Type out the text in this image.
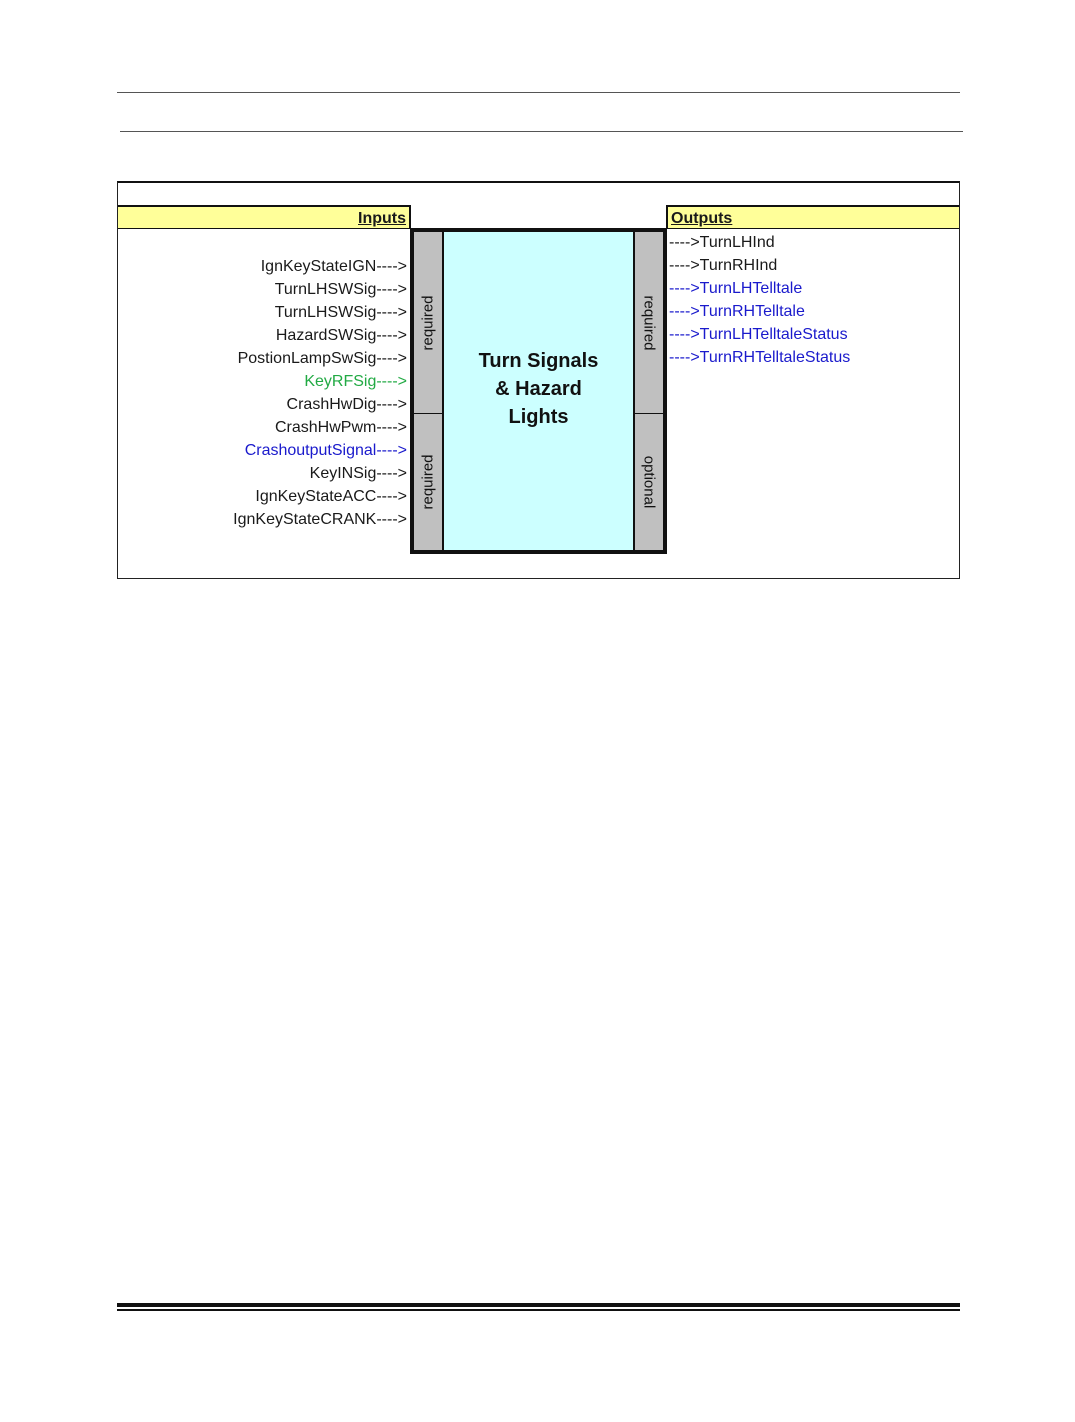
Inputs	Outputs
IgnKeyStateIGN---->
TurnLHSWSig---->
TurnLHSWSig---->
HazardSWSig---->
PostionLampSwSig---->
KeyRFSig---->
CrashHwDig---->
CrashHwPwm---->
CrashoutputSignal---->
KeyINSig---->
IgnKeyStateACC---->
IgnKeyStateCRANK---->
---->TurnLHInd
---->TurnRHInd
---->TurnLHTelltale
---->TurnRHTelltale
---->TurnLHTelltaleStatus
---->TurnRHTelltaleStatus
required
required
required
optional
Turn Signals
& Hazard
Lights
